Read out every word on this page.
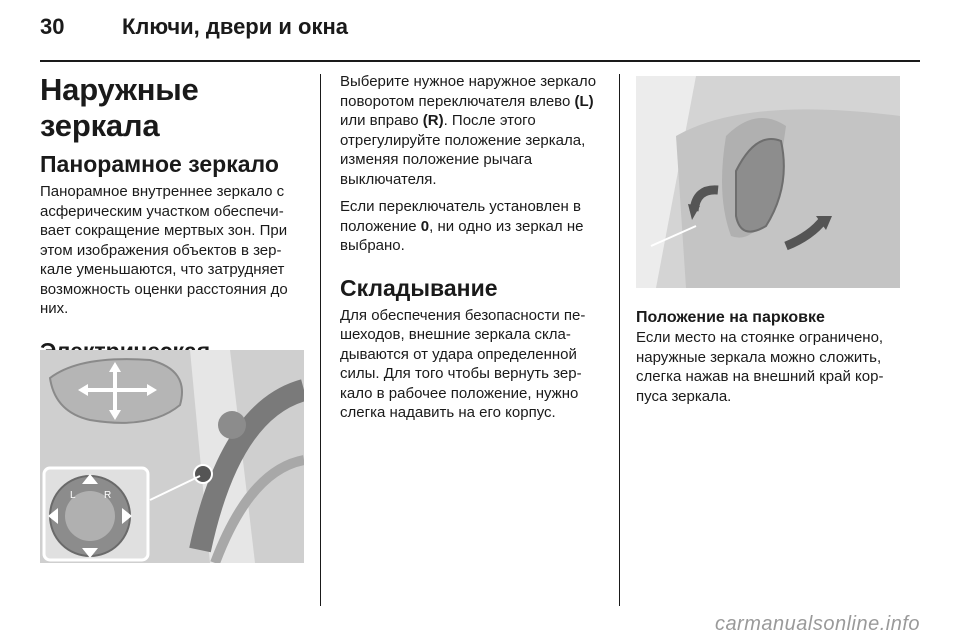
30	Ключи, двери и окна
Наружные зеркала
Панорамное зеркало

Панорамное внутреннее зеркало с асферическим участком обеспечивает сокращение мертвых зон. При этом изображения объектов в зеркале уменьшаются, что затрудняет возможность оценки расстояния до них.

L	R

Выберите нужное наружное зеркало поворотом переключателя влево (L) или вправо (R). После этого отрегулируйте положение зеркала, изменяя положение рычага выключателя.

Если переключатель установлен в положение 0, ни одно из зеркал не выбрано.

Складывание

Для обеспечения безопасности пешеходов, внешние зеркала складываются от удара определенной силы. Для того чтобы вернуть зеркало в рабочее положение, нужно слегка надавить на его корпус.

Положение на парковке

Если место на стоянке ограничено, наружные зеркала можно сложить, слегка нажав на внешний край корпуса зеркала.

carmanualsonline.info
